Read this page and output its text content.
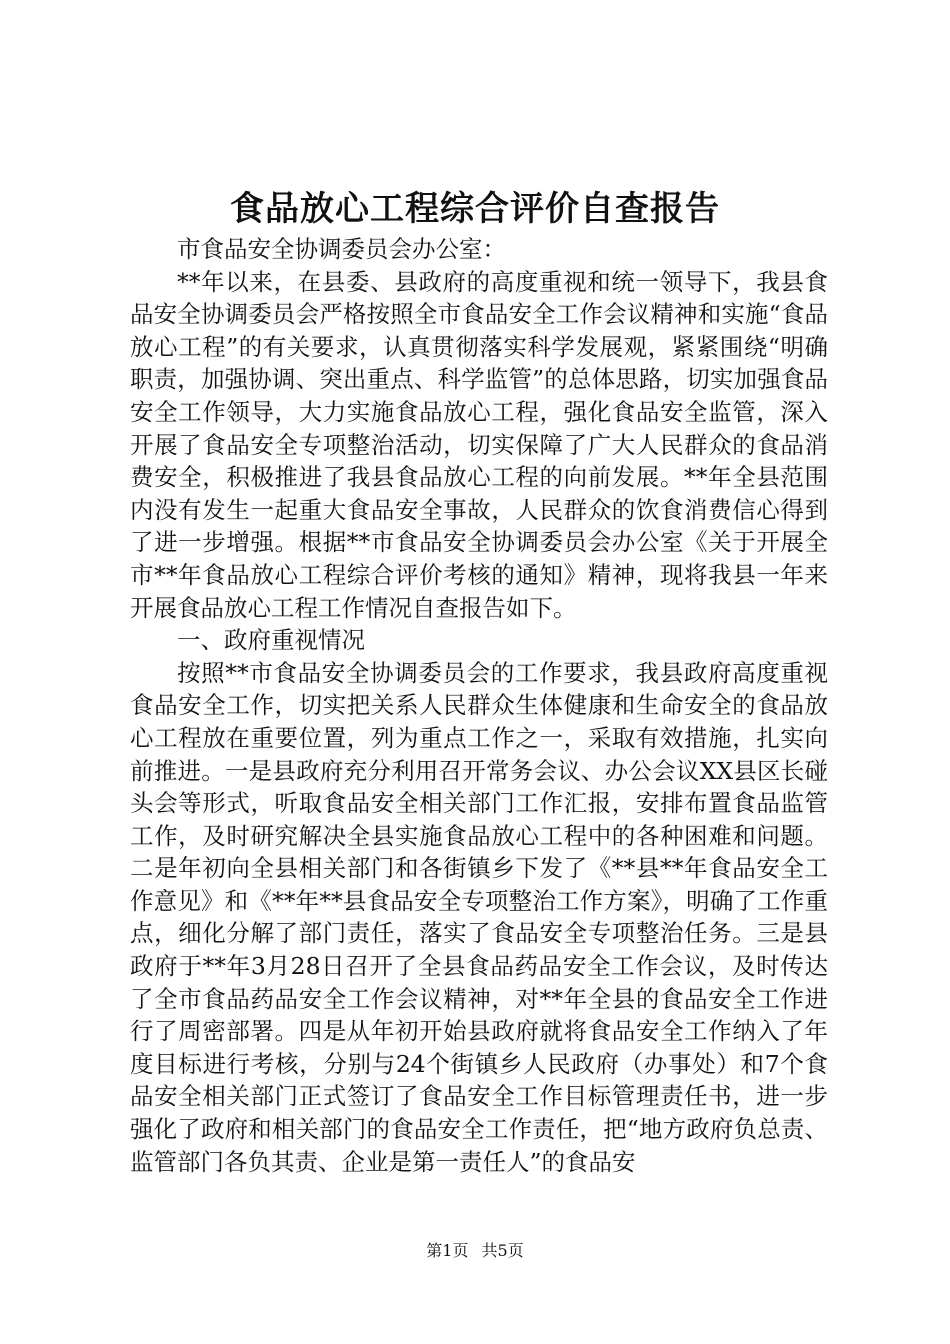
食品放心工程综合评价自查报告

市食品安全协调委员会办公室：

**年以来，在县委、县政府的高度重视和统一领导下，我县食品安全协调委员会严格按照全市食品安全工作会议精神和实施“食品放心工程”的有关要求，认真贯彻落实科学发展观，紧紧围绕“明确职责，加强协调、突出重点、科学监管”的总体思路，切实加强食品安全工作领导，大力实施食品放心工程，强化食品安全监管，深入开展了食品安全专项整治活动，切实保障了广大人民群众的食品消费安全，积极推进了我县食品放心工程的向前发展。**年全县范围内没有发生一起重大食品安全事故，人民群众的饮食消费信心得到了进一步增强。根据**市食品安全协调委员会办公室《关于开展全市**年食品放心工程综合评价考核的通知》精神，现将我县一年来开展食品放心工程工作情况自查报告如下。

一、政府重视情况

按照**市食品安全协调委员会的工作要求，我县政府高度重视食品安全工作，切实把关系人民群众生体健康和生命安全的食品放心工程放在重要位置，列为重点工作之一，采取有效措施，扎实向前推进。一是县政府充分利用召开常务会议、办公会议XX县区长碰头会等形式，听取食品安全相关部门工作汇报，安排布置食品监管工作，及时研究解决全县实施食品放心工程中的各种困难和问题。二是年初向全县相关部门和各街镇乡下发了《**县**年食品安全工作意见》和《**年**县食品安全专项整治工作方案》，明确了工作重点，细化分解了部门责任，落实了食品安全专项整治任务。三是县政府于**年3月28日召开了全县食品药品安全工作会议，及时传达了全市食品药品安全工作会议精神，对**年全县的食品安全工作进行了周密部署。四是从年初开始县政府就将食品安全工作纳入了年度目标进行考核，分别与24个街镇乡人民政府（办事处）和7个食品安全相关部门正式签订了食品安全工作目标管理责任书，进一步强化了政府和相关部门的食品安全工作责任，把“地方政府负总责、监管部门各负其责、企业是第一责任人”的食品安

第1页 共5页
